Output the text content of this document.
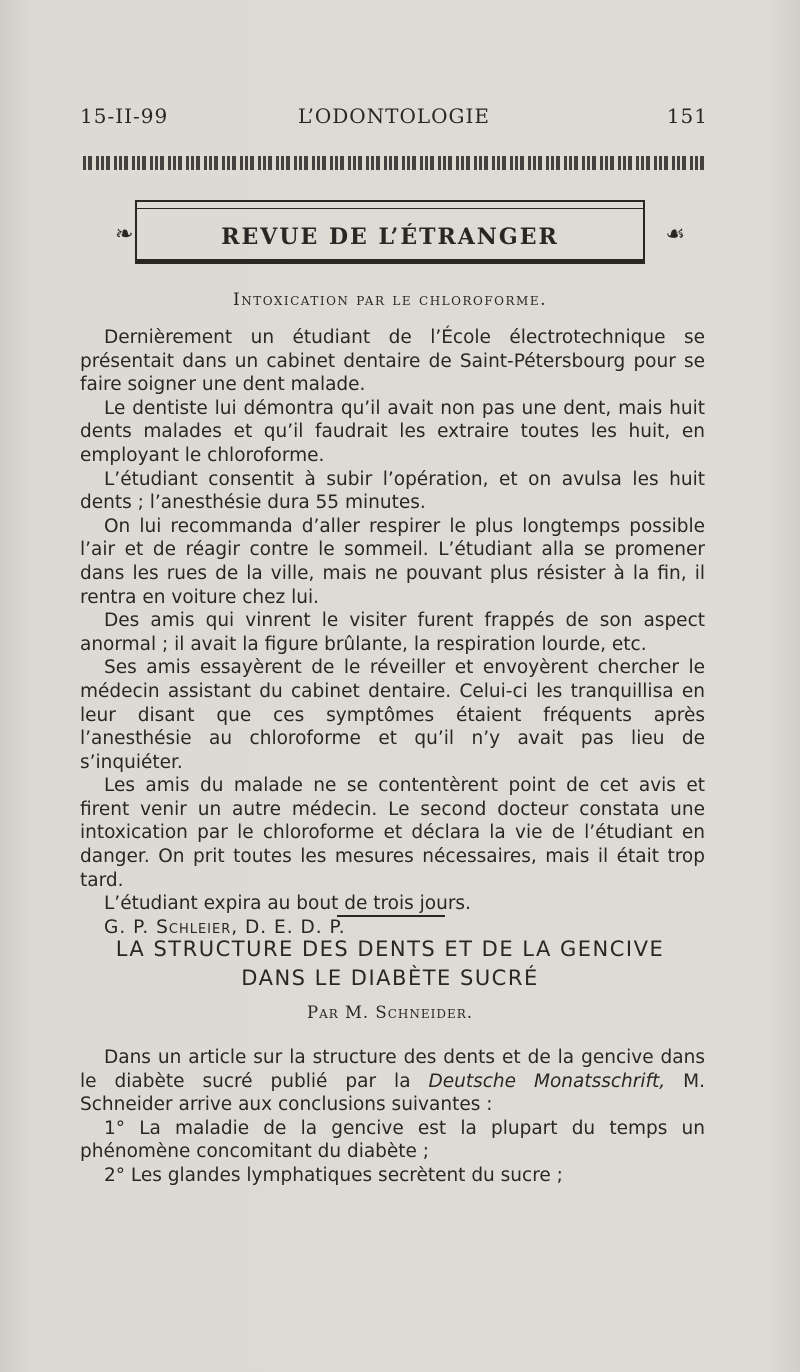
15-II-99	L’ODONTOLOGIE	151
❧	REVUE DE L’ÉTRANGER	☙
Intoxication par le chloroforme.

Dernièrement un étudiant de l’École électrotechnique se présentait dans un cabinet dentaire de Saint-Pétersbourg pour se faire soigner une dent malade.

Le dentiste lui démontra qu’il avait non pas une dent, mais huit dents malades et qu’il faudrait les extraire toutes les huit, en employant le chloroforme.

L’étudiant consentit à subir l’opération, et on avulsa les huit dents ; l’anesthésie dura 55 minutes.

On lui recommanda d’aller respirer le plus longtemps possible l’air et de réagir contre le sommeil. L’étudiant alla se promener dans les rues de la ville, mais ne pouvant plus résister à la fin, il rentra en voiture chez lui.

Des amis qui vinrent le visiter furent frappés de son aspect anormal ; il avait la figure brûlante, la respiration lourde, etc.

Ses amis essayèrent de le réveiller et envoyèrent chercher le médecin assistant du cabinet dentaire. Celui-ci les tranquillisa en leur disant que ces symptômes étaient fréquents après l’anesthésie au chloroforme et qu’il n’y avait pas lieu de s’inquiéter.

Les amis du malade ne se contentèrent point de cet avis et firent venir un autre médecin. Le second docteur constata une intoxication par le chloroforme et déclara la vie de l’étudiant en danger. On prit toutes les mesures nécessaires, mais il était trop tard.

L’étudiant expira au bout de trois jours.

G. P. Schleier, D. E. D. P.

LA STRUCTURE DES DENTS ET DE LA GENCIVE
DANS LE DIABÈTE SUCRÉ
Par M. Schneider.

Dans un article sur la structure des dents et de la gencive dans le diabète sucré publié par la Deutsche Monatsschrift, M. Schneider arrive aux conclusions suivantes :

1° La maladie de la gencive est la plupart du temps un phénomène concomitant du diabète ;

2° Les glandes lymphatiques secrètent du sucre ;
